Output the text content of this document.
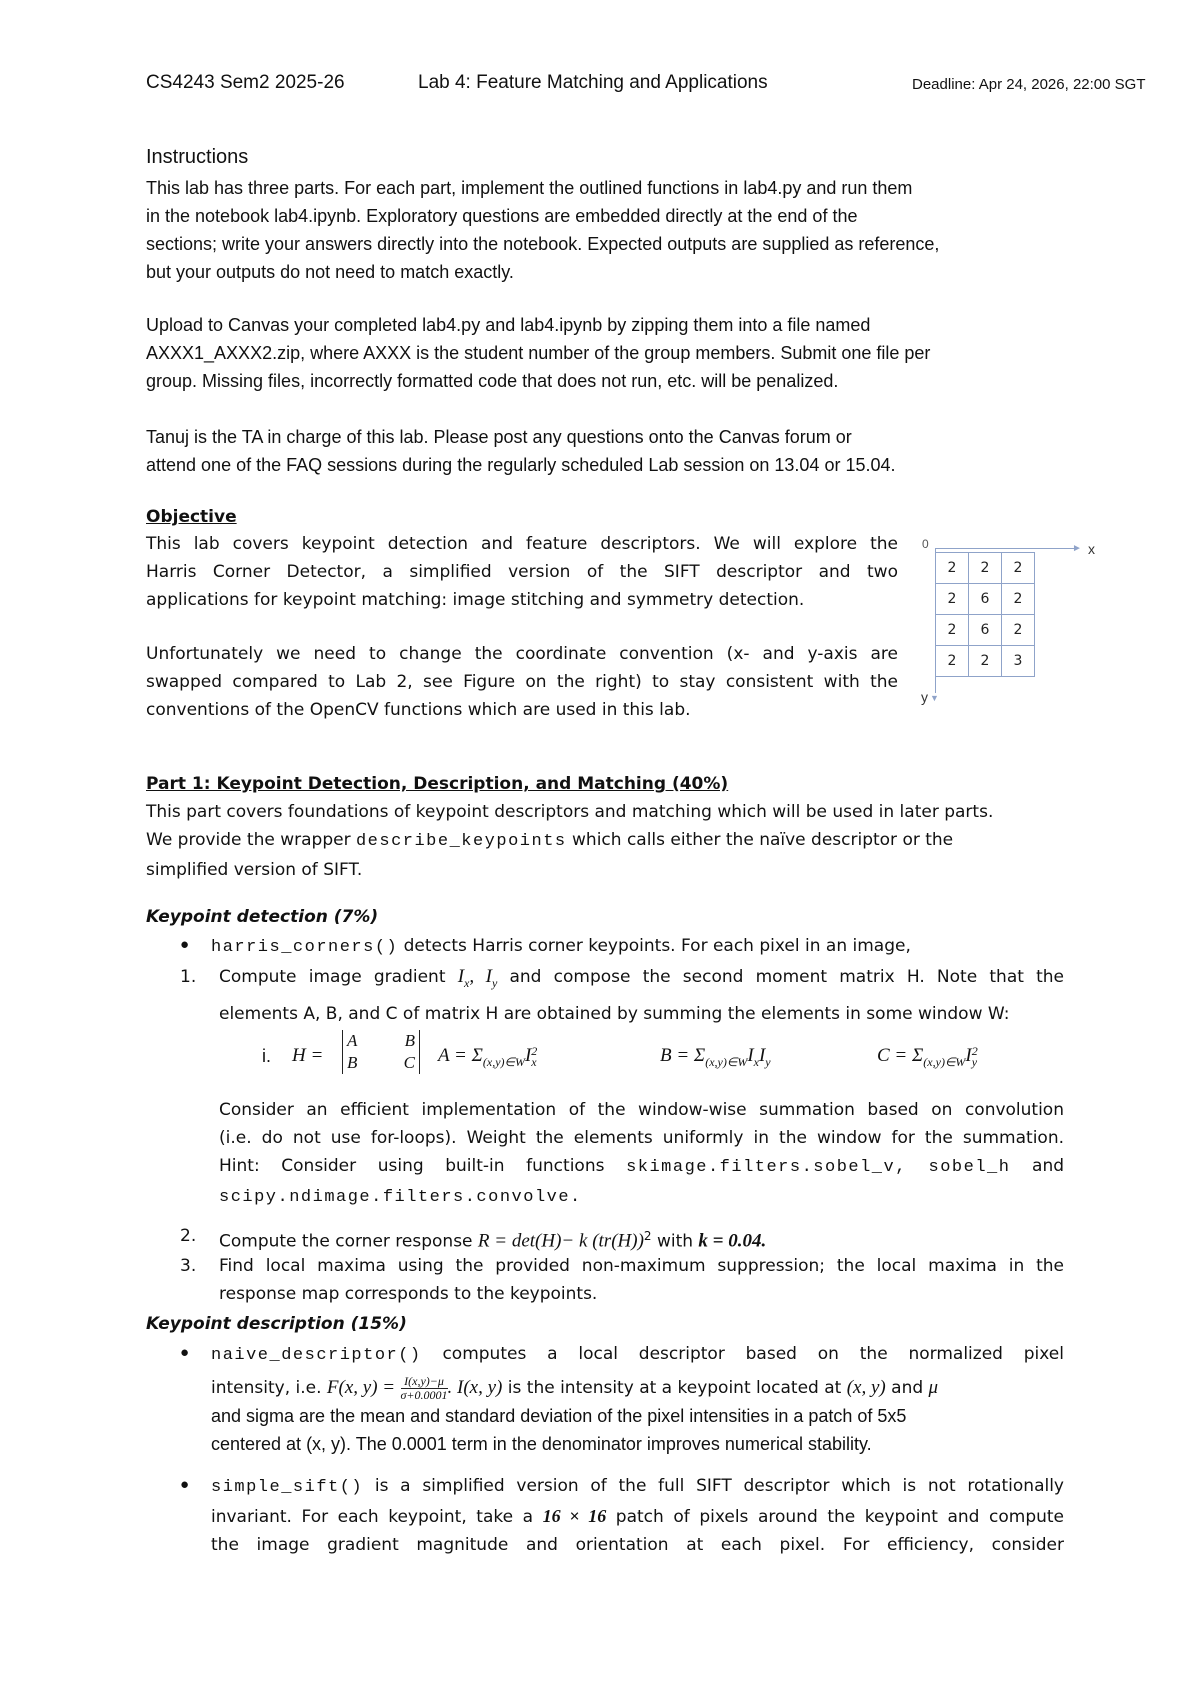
CS4243 Sem2 2025-26	Lab 4: Feature Matching and Applications	Deadline: Apr 24, 2026, 22:00 SGT
Instructions
This lab has three parts. For each part, implement the outlined functions in lab4.py and run them
in the notebook lab4.ipynb. Exploratory questions are embedded directly at the end of the
sections; write your answers directly into the notebook. Expected outputs are supplied as reference,
but your outputs do not need to match exactly.
Upload to Canvas your completed lab4.py and lab4.ipynb by zipping them into a file named
AXXX1_AXXX2.zip, where AXXX is the student number of the group members. Submit one file per
group. Missing files, incorrectly formatted code that does not run, etc. will be penalized.
Tanuj is the TA in charge of this lab. Please post any questions onto the Canvas forum or
attend one of the FAQ sessions during the regularly scheduled Lab session on 13.04 or 15.04.
Objective
This lab covers keypoint detection and feature descriptors. We will explore the
Harris Corner Detector, a simplified version of the SIFT descriptor and two
applications for keypoint matching: image stitching and symmetry detection.
Unfortunately we need to change the coordinate convention (x- and y-axis are
swapped compared to Lab 2, see Figure on the right) to stay consistent with the
conventions of the OpenCV functions which are used in this lab.
0	► x
y ▼
2	2	2
2	6	2
2	6	2
2	2	3
Part 1: Keypoint Detection, Description, and Matching (40%)
This part covers foundations of keypoint descriptors and matching which will be used in later parts.
We provide the wrapper describe_keypoints which calls either the naïve descriptor or the
simplified version of SIFT.
Keypoint detection (7%)
● harris_corners() detects Harris corner keypoints. For each pixel in an image,
1. Compute image gradient $I_x$, $I_y$ and compose the second moment matrix H. Note that the
elements A, B, and C of matrix H are obtained by summing the elements in some window W:
i. H =
A	B
B	C $A = \Sigma_{(x,y)\in W}I$ 2
x	$B = \Sigma_{(x,y)\in W}I_xI_y$	$C = \Sigma_{(x,y)\in W}I$ 2
y
Consider an efficient implementation of the window-wise summation based on convolution
(i.e. do not use for-loops). Weight the elements uniformly in the window for the summation.
Hint: Consider using built-in functions skimage.filters.sobel_v, sobel_h and
scipy.ndimage.filters.convolve.
2. Compute the corner response R = det(H)− k $(tr(H))^2$ with k = 0.04.
3. Find local maxima using the provided non-maximum suppression; the local maxima in the
response map corresponds to the keypoints.
Keypoint description (15%)
● naive_descriptor() computes a local descriptor based on the normalized pixel
intensity, i.e. F(x, $y) = \frac{I(x,y)-\mu}{\sigma+0.0001}$ . I(x, y) is the intensity at a keypoint located at (x, y) and μ
and sigma are the mean and standard deviation of the pixel intensities in a patch of 5x5
centered at (x, y). The 0.0001 term in the denominator improves numerical stability.
● simple_sift() is a simplified version of the full SIFT descriptor which is not rotationally
invariant. For each keypoint, take a 16 × 16 patch of pixels around the keypoint and compute
the image gradient magnitude and orientation at each pixel. For efficiency, consider
